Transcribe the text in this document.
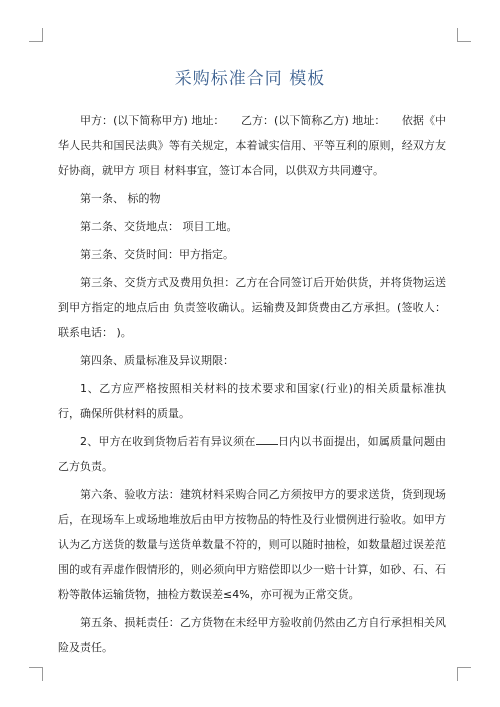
采购标准合同 模板

甲方：(以下简称甲方) 地址：　　乙方：(以下简称乙方) 地址：　　依据《中华人民共和国民法典》等有关规定，本着诚实信用、平等互利的原则，经双方友好协商，就甲方 项目 材料事宜，签订本合同，以供双方共同遵守。

第一条、 标的物

第二条、交货地点： 项目工地。

第三条、交货时间：甲方指定。

第三条、交货方式及费用负担：乙方在合同签订后开始供货，并将货物运送到甲方指定的地点后由 负责签收确认。运输费及卸货费由乙方承担。(签收人： 联系电话： )。

第四条、质量标准及异议期限：

1、乙方应严格按照相关材料的技术要求和国家(行业)的相关质量标准执行，确保所供材料的质量。

2、甲方在收到货物后若有异议须在 日内以书面提出，如属质量问题由乙方负责。

第六条、验收方法：建筑材料采购合同乙方须按甲方的要求送货，货到现场后，在现场车上或场地堆放后由甲方按物品的特性及行业惯例进行验收。如甲方认为乙方送货的数量与送货单数量不符的，则可以随时抽检，如数量超过误差范围的或有弄虚作假情形的，则必须向甲方赔偿即以少一赔十计算，如砂、石、石粉等散体运输货物，抽检方数误差≤4%，亦可视为正常交货。

第五条、损耗责任：乙方货物在未经甲方验收前仍然由乙方自行承担相关风险及责任。
